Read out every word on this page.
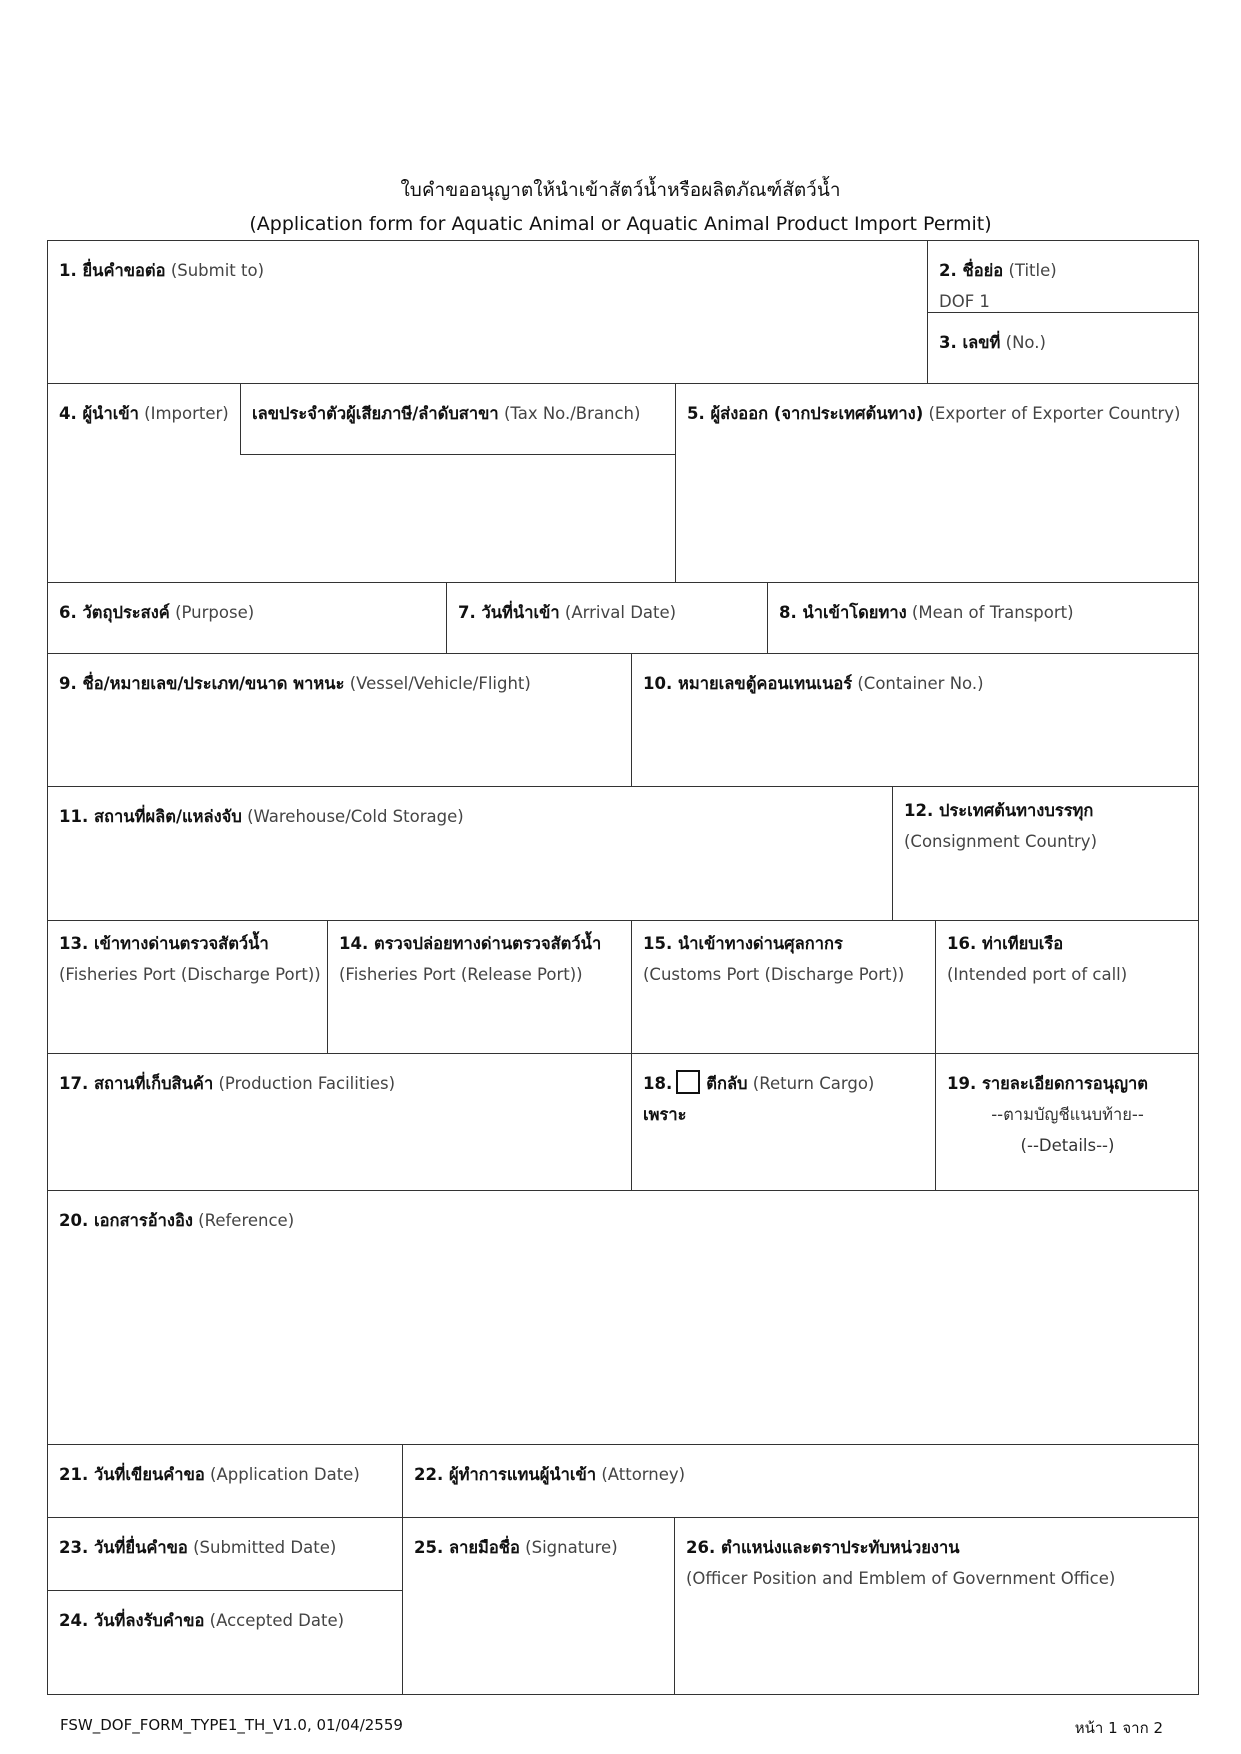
ใบคำขออนุญาตให้นำเข้าสัตว์น้ำหรือผลิตภัณฑ์สัตว์น้ำ
(Application form for Aquatic Animal or Aquatic Animal Product Import Permit)
1. ยื่นคำขอต่อ (Submit to)	2. ชื่อย่อ (Title)
DOF 1
3. เลขที่ (No.)
4. ผู้นำเข้า (Importer)	เลขประจำตัวผู้เสียภาษี/ลำดับสาขา (Tax No./Branch)	5. ผู้ส่งออก (จากประเทศต้นทาง) (Exporter of Exporter Country)
6. วัตถุประสงค์ (Purpose)	7. วันที่นำเข้า (Arrival Date)	8. นำเข้าโดยทาง (Mean of Transport)
9. ชื่อ/หมายเลข/ประเภท/ขนาด พาหนะ (Vessel/Vehicle/Flight)	10. หมายเลขตู้คอนเทนเนอร์ (Container No.)
11. สถานที่ผลิต/แหล่งจับ (Warehouse/Cold Storage)	12. ประเทศต้นทางบรรทุก
(Consignment Country)
13. เข้าทางด่านตรวจสัตว์น้ำ
(Fisheries Port (Discharge Port))
14. ตรวจปล่อยทางด่านตรวจสัตว์น้ำ
(Fisheries Port (Release Port))
15. นำเข้าทางด่านศุลกากร
(Customs Port (Discharge Port))
16. ท่าเทียบเรือ
(Intended port of call)
17. สถานที่เก็บสินค้า (Production Facilities)	18. ตีกลับ (Return Cargo)
เพราะ
19. รายละเอียดการอนุญาต
--ตามบัญชีแนบท้าย--
(--Details--)
20. เอกสารอ้างอิง (Reference)
21. วันที่เขียนคำขอ (Application Date)	22. ผู้ทำการแทนผู้นำเข้า (Attorney)
23. วันที่ยื่นคำขอ (Submitted Date)
24. วันที่ลงรับคำขอ (Accepted Date)
25. ลายมือชื่อ (Signature)	26. ตำแหน่งและตราประทับหน่วยงาน
(Officer Position and Emblem of Government Office)
FSW_DOF_FORM_TYPE1_TH_V1.0, 01/04/2559	หน้า 1 จาก 2
